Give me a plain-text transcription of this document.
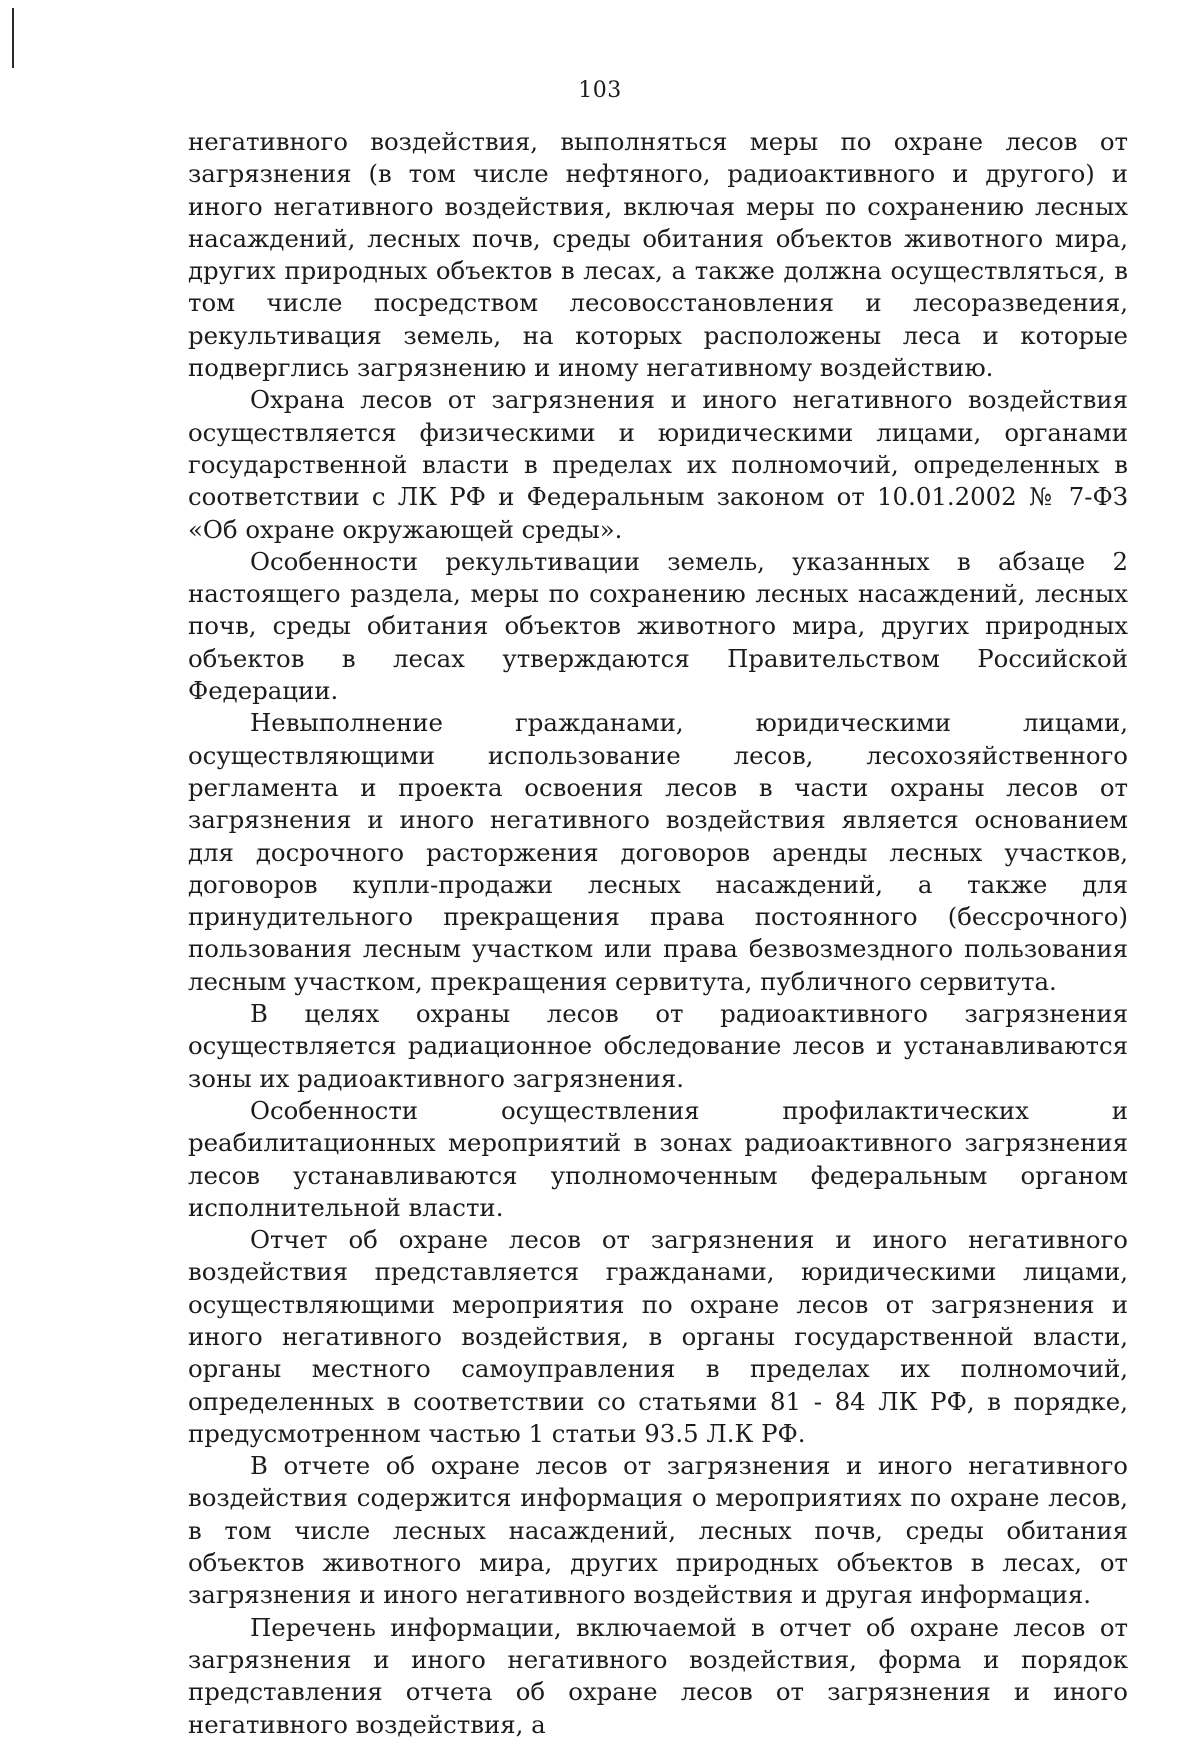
103

негативного воздействия, выполняться меры по охране лесов от загрязнения (в том числе нефтяного, радиоактивного и другого) и иного негативного воздействия, включая меры по сохранению лесных насаждений, лесных почв, среды обитания объектов животного мира, других природных объектов в лесах, а также должна осуществляться, в том числе посредством лесовосстановления и лесоразведения, рекультивация земель, на которых расположены леса и которые подверглись загрязнению и иному негативному воздействию.

Охрана лесов от загрязнения и иного негативного воздействия осуществляется физическими и юридическими лицами, органами государственной власти в пределах их полномочий, определенных в соответствии с ЛК РФ и Федеральным законом от 10.01.2002 № 7-ФЗ «Об охране окружающей среды».

Особенности рекультивации земель, указанных в абзаце 2 настоящего раздела, меры по сохранению лесных насаждений, лесных почв, среды обитания объектов животного мира, других природных объектов в лесах утверждаются Правительством Российской Федерации.

Невыполнение гражданами, юридическими лицами, осуществляющими использование лесов, лесохозяйственного регламента и проекта освоения лесов в части охраны лесов от загрязнения и иного негативного воздействия является основанием для досрочного расторжения договоров аренды лесных участков, договоров купли-продажи лесных насаждений, а также для принудительного прекращения права постоянного (бессрочного) пользования лесным участком или права безвозмездного пользования лесным участком, прекращения сервитута, публичного сервитута.

В целях охраны лесов от радиоактивного загрязнения осуществляется радиационное обследование лесов и устанавливаются зоны их радиоактивного загрязнения.

Особенности осуществления профилактических и реабилитационных мероприятий в зонах радиоактивного загрязнения лесов устанавливаются уполномоченным федеральным органом исполнительной власти.

Отчет об охране лесов от загрязнения и иного негативного воздействия представляется гражданами, юридическими лицами, осуществляющими мероприятия по охране лесов от загрязнения и иного негативного воздействия, в органы государственной власти, органы местного самоуправления в пределах их полномочий, определенных в соответствии со статьями 81 - 84 ЛК РФ, в порядке, предусмотренном частью 1 статьи 93.5 Л.К РФ.

В отчете об охране лесов от загрязнения и иного негативного воздействия содержится информация о мероприятиях по охране лесов, в том числе лесных насаждений, лесных почв, среды обитания объектов животного мира, других природных объектов в лесах, от загрязнения и иного негативного воздействия и другая информация.

Перечень информации, включаемой в отчет об охране лесов от загрязнения и иного негативного воздействия, форма и порядок представления отчета об охране лесов от загрязнения и иного негативного воздействия, а
